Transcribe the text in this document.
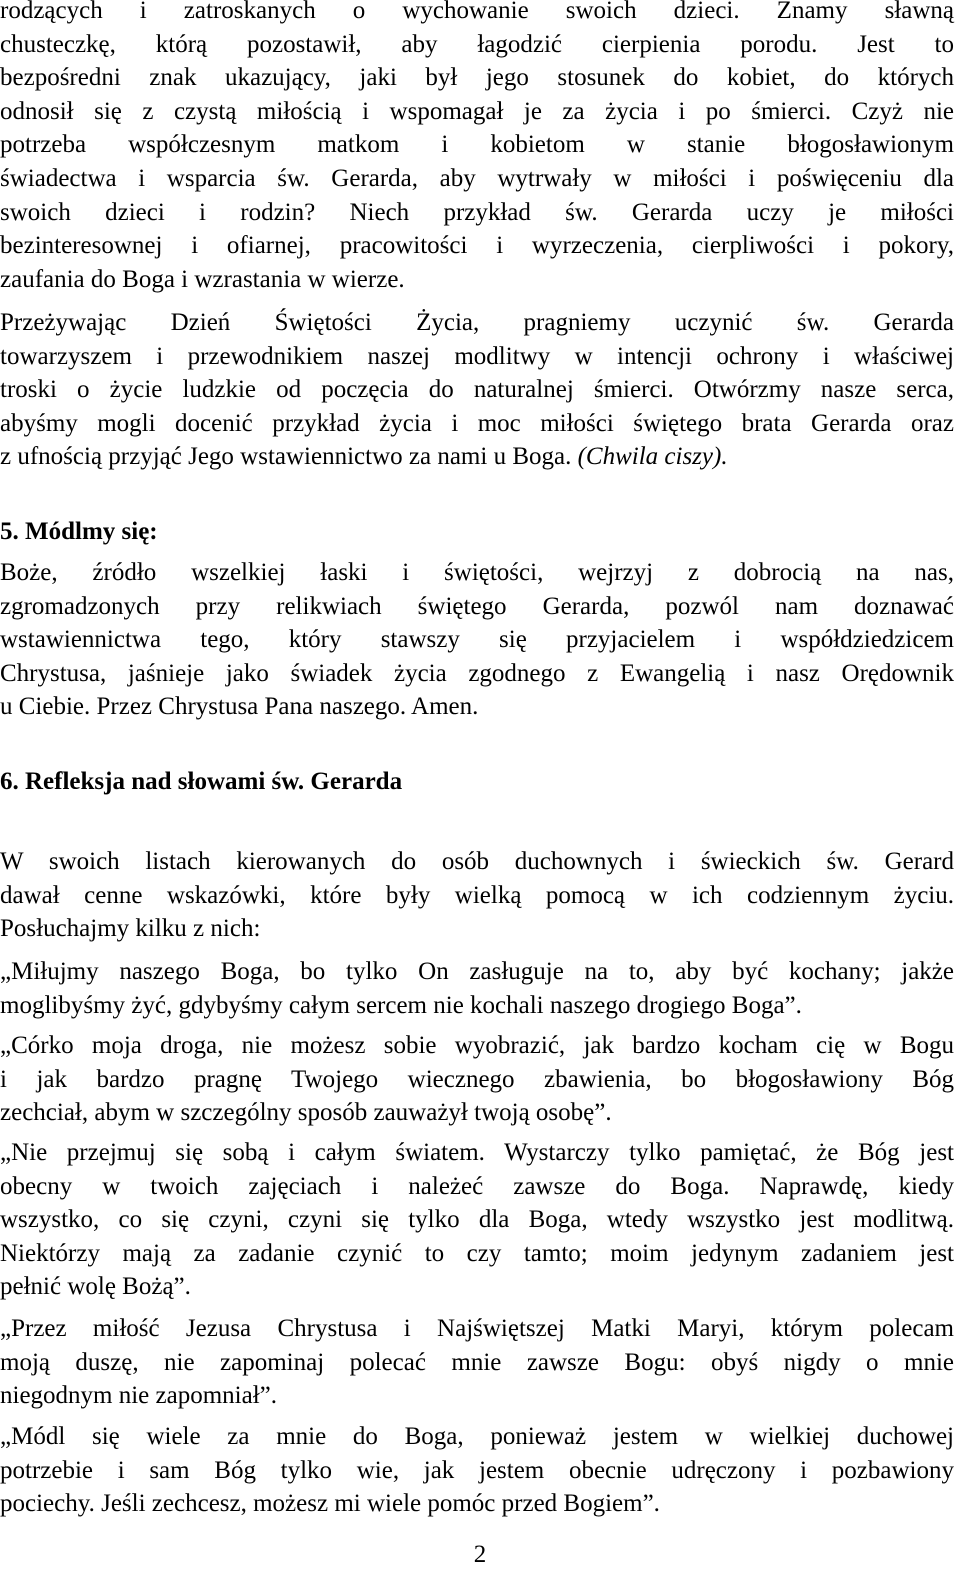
rodzących i zatroskanych o wychowanie swoich dzieci. Znamy sławną
chusteczkę, którą pozostawił, aby łagodzić cierpienia porodu. Jest to
bezpośredni znak ukazujący, jaki był jego stosunek do kobiet, do których
odnosił się z czystą miłością i wspomagał je za życia i po śmierci. Czyż nie
potrzeba współczesnym matkom i kobietom w stanie błogosławionym
świadectwa i wsparcia św. Gerarda, aby wytrwały w miłości i poświęceniu dla
swoich dzieci i rodzin? Niech przykład św. Gerarda uczy je miłości
bezinteresownej i ofiarnej, pracowitości i wyrzeczenia, cierpliwości i pokory,
zaufania do Boga i wzrastania w wierze.
Przeżywając Dzień Świętości Życia, pragniemy uczynić św. Gerarda
towarzyszem i przewodnikiem naszej modlitwy w intencji ochrony i właściwej
troski o życie ludzkie od poczęcia do naturalnej śmierci. Otwórzmy nasze serca,
abyśmy mogli docenić przykład życia i moc miłości świętego brata Gerarda oraz
z ufnością przyjąć Jego wstawiennictwo za nami u Boga. (Chwila ciszy).
5. Módlmy się:
Boże, źródło wszelkiej łaski i świętości, wejrzyj z dobrocią na nas,
zgromadzonych przy relikwiach świętego Gerarda, pozwól nam doznawać
wstawiennictwa tego, który stawszy się przyjacielem i współdziedzicem
Chrystusa, jaśnieje jako świadek życia zgodnego z Ewangelią i nasz Orędownik
u Ciebie. Przez Chrystusa Pana naszego. Amen.
6. Refleksja nad słowami św. Gerarda
W swoich listach kierowanych do osób duchownych i świeckich św. Gerard
dawał cenne wskazówki, które były wielką pomocą w ich codziennym życiu.
Posłuchajmy kilku z nich:
„Miłujmy naszego Boga, bo tylko On zasługuje na to, aby być kochany; jakże
moglibyśmy żyć, gdybyśmy całym sercem nie kochali naszego drogiego Boga”.
„Córko moja droga, nie możesz sobie wyobrazić, jak bardzo kocham cię w Bogu
i jak bardzo pragnę Twojego wiecznego zbawienia, bo błogosławiony Bóg
zechciał, abym w szczególny sposób zauważył twoją osobę”.
„Nie przejmuj się sobą i całym światem. Wystarczy tylko pamiętać, że Bóg jest
obecny w twoich zajęciach i należeć zawsze do Boga. Naprawdę, kiedy
wszystko, co się czyni, czyni się tylko dla Boga, wtedy wszystko jest modlitwą.
Niektórzy mają za zadanie czynić to czy tamto; moim jedynym zadaniem jest
pełnić wolę Bożą”.
„Przez miłość Jezusa Chrystusa i Najświętszej Matki Maryi, którym polecam
moją duszę, nie zapominaj polecać mnie zawsze Bogu: obyś nigdy o mnie
niegodnym nie zapomniał”.
„Módl się wiele za mnie do Boga, ponieważ jestem w wielkiej duchowej
potrzebie i sam Bóg tylko wie, jak jestem obecnie udręczony i pozbawiony
pociechy. Jeśli zechcesz, możesz mi wiele pomóc przed Bogiem”.
2
